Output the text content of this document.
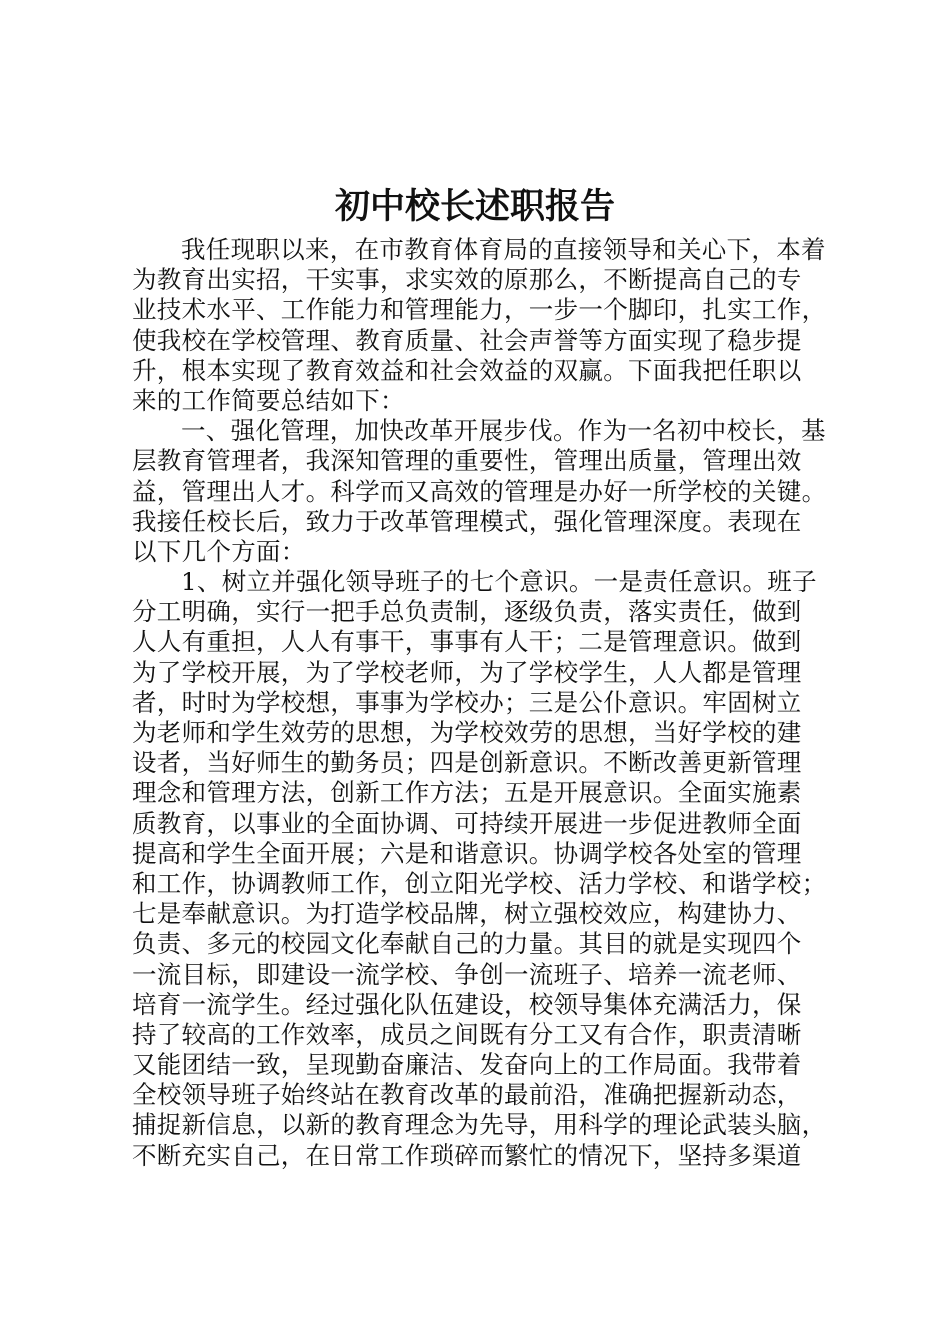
初中校长述职报告
我任现职以来，在市教育体育局的直接领导和关心下，本着
为教育出实招，干实事，求实效的原那么，不断提高自己的专
业技术水平、工作能力和管理能力，一步一个脚印，扎实工作，
使我校在学校管理、教育质量、社会声誉等方面实现了稳步提
升，根本实现了教育效益和社会效益的双赢。下面我把任职以
来的工作简要总结如下：
一、强化管理，加快改革开展步伐。作为一名初中校长，基
层教育管理者，我深知管理的重要性，管理出质量，管理出效
益，管理出人才。科学而又高效的管理是办好一所学校的关键。
我接任校长后，致力于改革管理模式，强化管理深度。表现在
以下几个方面：
1、树立并强化领导班子的七个意识。一是责任意识。班子
分工明确，实行一把手总负责制，逐级负责，落实责任，做到
人人有重担，人人有事干，事事有人干；二是管理意识。做到
为了学校开展，为了学校老师，为了学校学生，人人都是管理
者，时时为学校想，事事为学校办；三是公仆意识。牢固树立
为老师和学生效劳的思想，为学校效劳的思想，当好学校的建
设者，当好师生的勤务员；四是创新意识。不断改善更新管理
理念和管理方法，创新工作方法；五是开展意识。全面实施素
质教育，以事业的全面协调、可持续开展进一步促进教师全面
提高和学生全面开展；六是和谐意识。协调学校各处室的管理
和工作，协调教师工作，创立阳光学校、活力学校、和谐学校；
七是奉献意识。为打造学校品牌，树立强校效应，构建协力、
负责、多元的校园文化奉献自己的力量。其目的就是实现四个
一流目标，即建设一流学校、争创一流班子、培养一流老师、
培育一流学生。经过强化队伍建设，校领导集体充满活力，保
持了较高的工作效率，成员之间既有分工又有合作，职责清晰
又能团结一致，呈现勤奋廉洁、发奋向上的工作局面。我带着
全校领导班子始终站在教育改革的最前沿，准确把握新动态，
捕捉新信息，以新的教育理念为先导，用科学的理论武装头脑，
不断充实自己，在日常工作琐碎而繁忙的情况下，坚持多渠道
